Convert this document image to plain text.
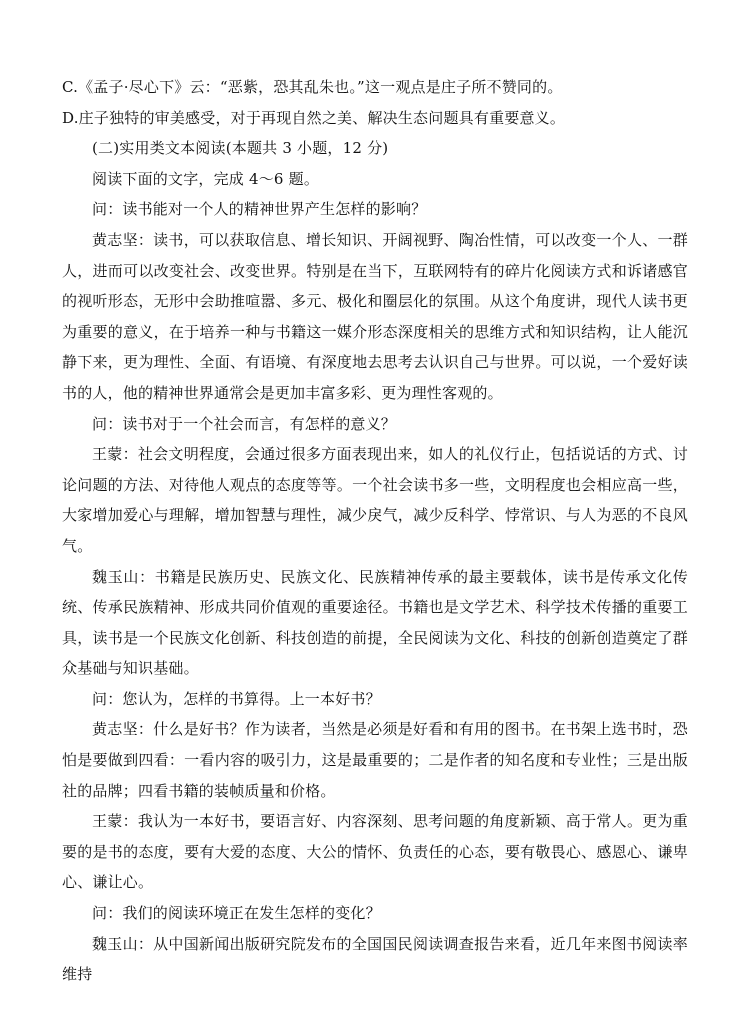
C.《孟子·尽心下》云：“恶紫，恐其乱朱也。”这一观点是庄子所不赞同的。

D.庄子独特的审美感受，对于再现自然之美、解决生态问题具有重要意义。

(二)实用类文本阅读(本题共 3 小题，12 分)

阅读下面的文字，完成 4～6 题。

问：读书能对一个人的精神世界产生怎样的影响？

黄志坚：读书，可以获取信息、增长知识、开阔视野、陶冶性情，可以改变一个人、一群人，进而可以改变社会、改变世界。特别是在当下，互联网特有的碎片化阅读方式和诉诸感官的视听形态，无形中会助推喧嚣、多元、极化和圈层化的氛围。从这个角度讲，现代人读书更为重要的意义，在于培养一种与书籍这一媒介形态深度相关的思维方式和知识结构，让人能沉静下来，更为理性、全面、有语境、有深度地去思考去认识自己与世界。可以说，一个爱好读书的人，他的精神世界通常会是更加丰富多彩、更为理性客观的。

问：读书对于一个社会而言，有怎样的意义？

王蒙：社会文明程度，会通过很多方面表现出来，如人的礼仪行止，包括说话的方式、讨论问题的方法、对待他人观点的态度等等。一个社会读书多一些，文明程度也会相应高一些，大家增加爱心与理解，增加智慧与理性，减少戾气，减少反科学、悖常识、与人为恶的不良风气。

魏玉山：书籍是民族历史、民族文化、民族精神传承的最主要载体，读书是传承文化传统、传承民族精神、形成共同价值观的重要途径。书籍也是文学艺术、科学技术传播的重要工具，读书是一个民族文化创新、科技创造的前提，全民阅读为文化、科技的创新创造奠定了群众基础与知识基础。

问：您认为，怎样的书算得。上一本好书？

黄志坚：什么是好书？作为读者，当然是必须是好看和有用的图书。在书架上选书时，恐怕是要做到四看：一看内容的吸引力，这是最重要的；二是作者的知名度和专业性；三是出版社的品牌；四看书籍的装帧质量和价格。

王蒙：我认为一本好书，要语言好、内容深刻、思考问题的角度新颖、高于常人。更为重要的是书的态度，要有大爱的态度、大公的情怀、负责任的心态，要有敬畏心、感恩心、谦卑心、谦让心。

问：我们的阅读环境正在发生怎样的变化？

魏玉山：从中国新闻出版研究院发布的全国国民阅读调查报告来看，近几年来图书阅读率维持
